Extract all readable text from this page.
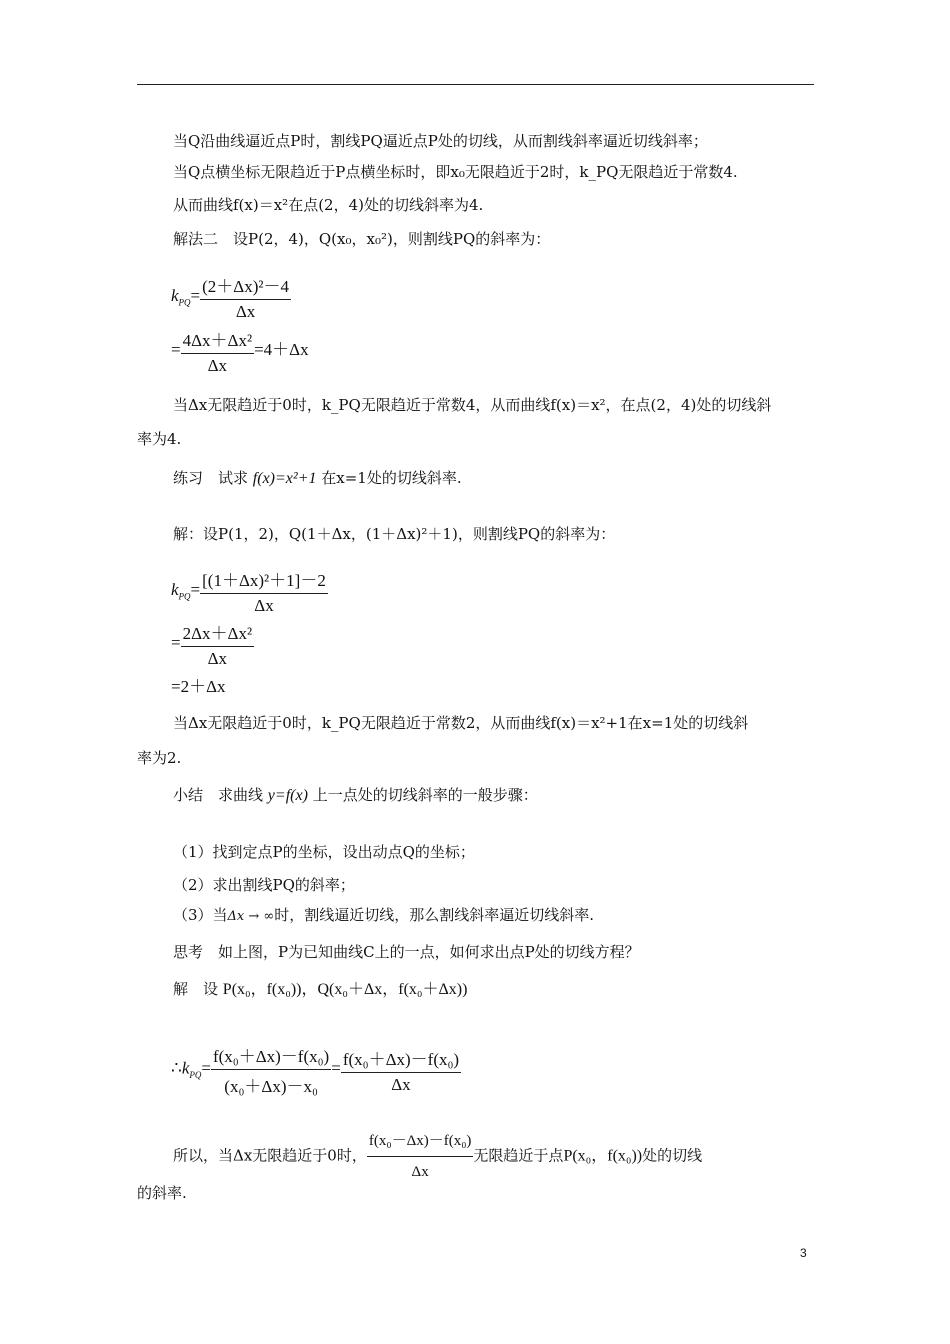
当Q沿曲线逼近点P时，割线PQ逼近点P处的切线，从而割线斜率逼近切线斜率；
当Q点横坐标无限趋近于P点横坐标时，即x₀无限趋近于2时，k_PQ无限趋近于常数4.
从而曲线f(x)＝x²在点(2，4)处的切线斜率为4.
解法二　设P(2，4)，Q(x₀，x₀²)，则割线PQ的斜率为：
$k_{PQ}= \frac{\text{(2＋Δx)²－4}}{\Delta x}$
= $\frac{\text{4Δx＋Δx²}}{\Delta x} =4+\Delta x$
当Δx无限趋近于0时，k_PQ无限趋近于常数4，从而曲线f(x)＝x²，在点(2，4)处的切线斜
率为4.
练习　试求 f(x)=x²+1 在x=1处的切线斜率.
解：设P(1，2)，Q(1＋Δx，(1＋Δx)²＋1)，则割线PQ的斜率为：
$k_{PQ}= \frac{\text{[(1＋Δx)²＋1]－2}}{\Delta x}$
= $\frac{\text{2Δx＋Δx²}}{\Delta x}$
=2＋Δx
当Δx无限趋近于0时，k_PQ无限趋近于常数2，从而曲线f(x)＝x²+1在x=1处的切线斜
率为2.
小结　求曲线 y=f(x) 上一点处的切线斜率的一般步骤：
（1）找到定点P的坐标，设出动点Q的坐标；
（2）求出割线PQ的斜率；
（3）当Δx → ∞时，割线逼近切线，那么割线斜率逼近切线斜率.
思考　如上图，P为已知曲线C上的一点，如何求出点P处的切线方程？
解　设 P(x₀，f(x₀))，Q(x₀＋Δx，f(x₀＋Δx))
$\therefore k_{PQ}= \frac{\text{f(x₀＋Δx)－f(x₀)}}{\text{(x₀＋Δx)－x₀}} = \frac{\text{f(x₀＋Δx)－f(x₀)}}{\Delta x}$
所以，当Δx无限趋近于0时， $\frac{\text{f(x₀－Δx)－f(x₀)}}{\Delta x}$ 无限趋近于点P(x₀，f(x₀))处的切线
的斜率.
3
